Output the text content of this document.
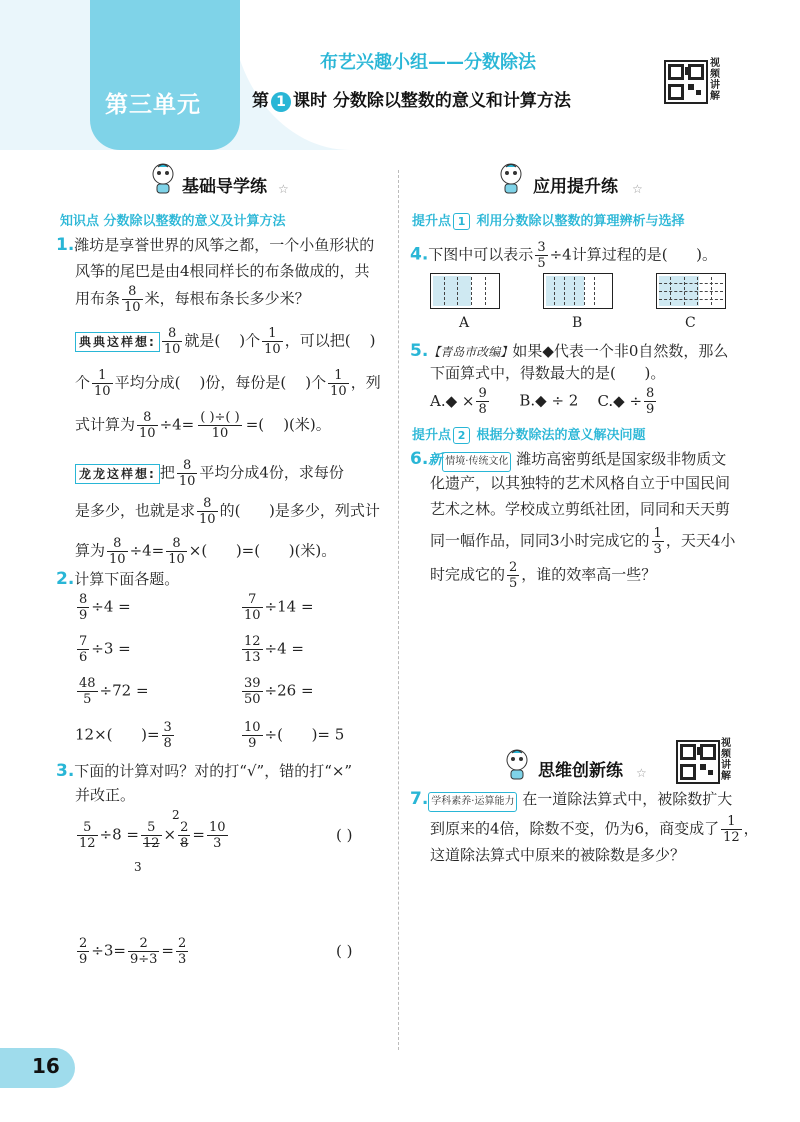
第三单元
布艺兴趣小组——分数除法
第 1 课时 分数除以整数的意义和计算方法
视频讲解
基础导学练 ☆
知识点 分数除以整数的意义及计算方法
1.潍坊是享誉世界的风筝之都，一个小鱼形状的
风筝的尾巴是由4根同样长的布条做成的，共
用布条 $\frac{8}{10}$ 米，每根布条长多少米？
典典这样想: $\frac{8}{10}$ 就是( )个 $\frac{1}{10}$ ，可以把( )
个 $\frac{1}{10}$ 平均分成( )份，每份是( )个 $\frac{1}{10}$ ，列
式计算为 $\frac{8}{10} \div 4= \frac{( )\div( )}{10}$ =( )(米)。
龙龙这样想: 把 $\frac{8}{10}$ 平均分成4份，求每份
是多少，也就是求 $\frac{8}{10}$ 的( )是多少，列式计
算为 $\frac{8}{10} \div 4= \frac{8}{10}$ ×( )=( )(米)。
2.计算下面各题。
$\frac{8}{9} \div 4$ =	$\frac{7}{10} \div 14$ =
$\frac{7}{6} \div 3$ =	$\frac{12}{13} \div 4$ =
$\frac{48}{5} \div 72$ =	$\frac{39}{50} \div 26$ =
12×( )= $\frac{3}{8}$	$\frac{10}{9}$ ÷( )= 5
3.下面的计算对吗？对的打“√”，错的打“×”
并改正。
$\frac{5}{12} \div 8 = \frac{5}{12} \times \frac{2}{8} = \frac{10}{3}$
2
3
( )
$\frac{2}{9} \div 3= \frac{2}{9\div 3} = \frac{2}{3}$	( )
应用提升练 ☆
提升点 1 利用分数除以整数的算理辨析与选择
4.下图中可以表示 $\frac{3}{5} \div 4$计算过程的是( )。
A	B	C
5.【青岛市改编】如果◆代表一个非0自然数，那么
下面算式中，得数最大的是( )。
A.◆ × $\frac{9}{8}$ B.◆ ÷ 2 C.◆ ÷ $\frac{8}{9}$
提升点 2 根据分数除法的意义解决问题
6.新 情境·传统文化 潍坊高密剪纸是国家级非物质文
化遗产，以其独特的艺术风格自立于中国民间
艺术之林。学校成立剪纸社团，同同和天天剪
同一幅作品，同同3小时完成它的 $\frac{1}{3}$ ，天天4小
时完成它的 $\frac{2}{5}$ ，谁的效率高一些？
思维创新练 ☆
视频讲解
7. 学科素养·运算能力 在一道除法算式中，被除数扩大
到原来的4倍，除数不变，仍为6，商变成了 $\frac{1}{12}$ ，
这道除法算式中原来的被除数是多少？
16
